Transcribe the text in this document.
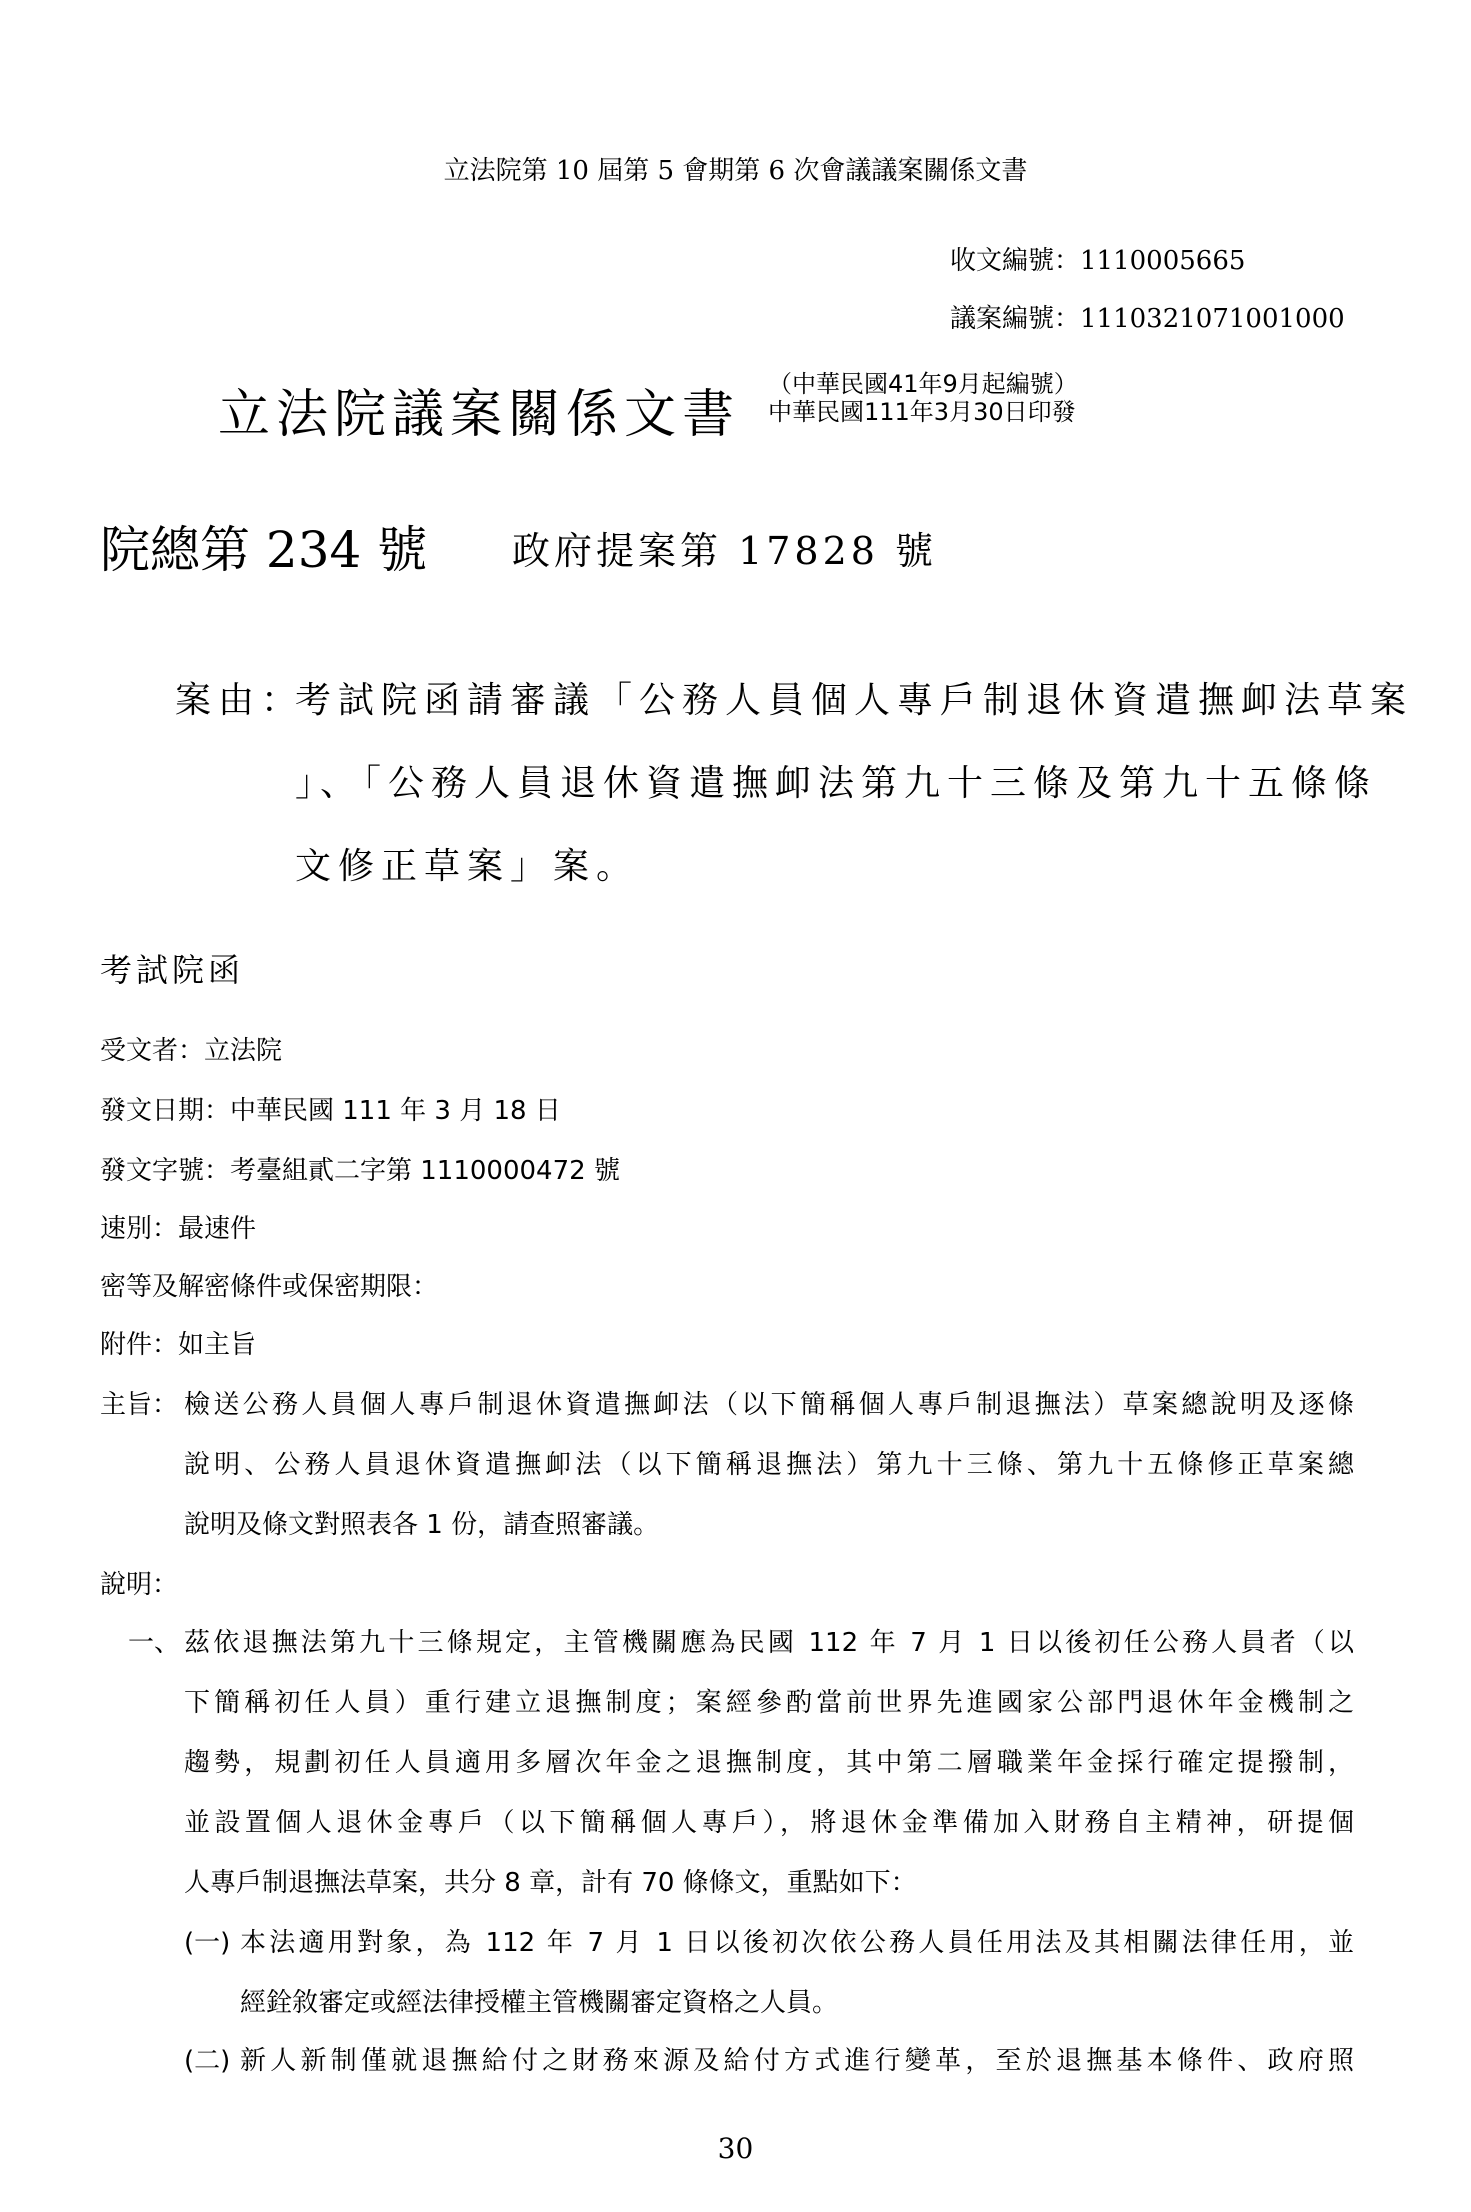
立法院第 10 屆第 5 會期第 6 次會議議案關係文書
收文編號：1110005665
議案編號：1110321071001000
立法院議案關係文書
（中華民國41年9月起編號）
中華民國111年3月30日印發
院總第 234 號 政府提案第 17828 號
案由：
考試院函請審議「公務人員個人專戶制退休資遣撫卹法草案
」、「公務人員退休資遣撫卹法第九十三條及第九十五條條
文修正草案」案。
考試院函
受文者：立法院
發文日期：中華民國 111 年 3 月 18 日
發文字號：考臺組貳二字第 1110000472 號
速別：最速件
密等及解密條件或保密期限：
附件：如主旨
主旨： 檢送公務人員個人專戶制退休資遣撫卹法（以下簡稱個人專戶制退撫法）草案總說明及逐條
說明、公務人員退休資遣撫卹法（以下簡稱退撫法）第九十三條、第九十五條修正草案總
說明及條文對照表各 1 份，請查照審議。
說明：
一、 茲依退撫法第九十三條規定，主管機關應為民國 112 年 7 月 1 日以後初任公務人員者（以
下簡稱初任人員）重行建立退撫制度；案經參酌當前世界先進國家公部門退休年金機制之
趨勢，規劃初任人員適用多層次年金之退撫制度，其中第二層職業年金採行確定提撥制，
並設置個人退休金專戶（以下簡稱個人專戶），將退休金準備加入財務自主精神，研提個
人專戶制退撫法草案，共分 8 章，計有 70 條條文，重點如下：
(一) 本法適用對象，為 112 年 7 月 1 日以後初次依公務人員任用法及其相關法律任用，並
經銓敘審定或經法律授權主管機關審定資格之人員。
(二) 新人新制僅就退撫給付之財務來源及給付方式進行變革，至於退撫基本條件、政府照
30
